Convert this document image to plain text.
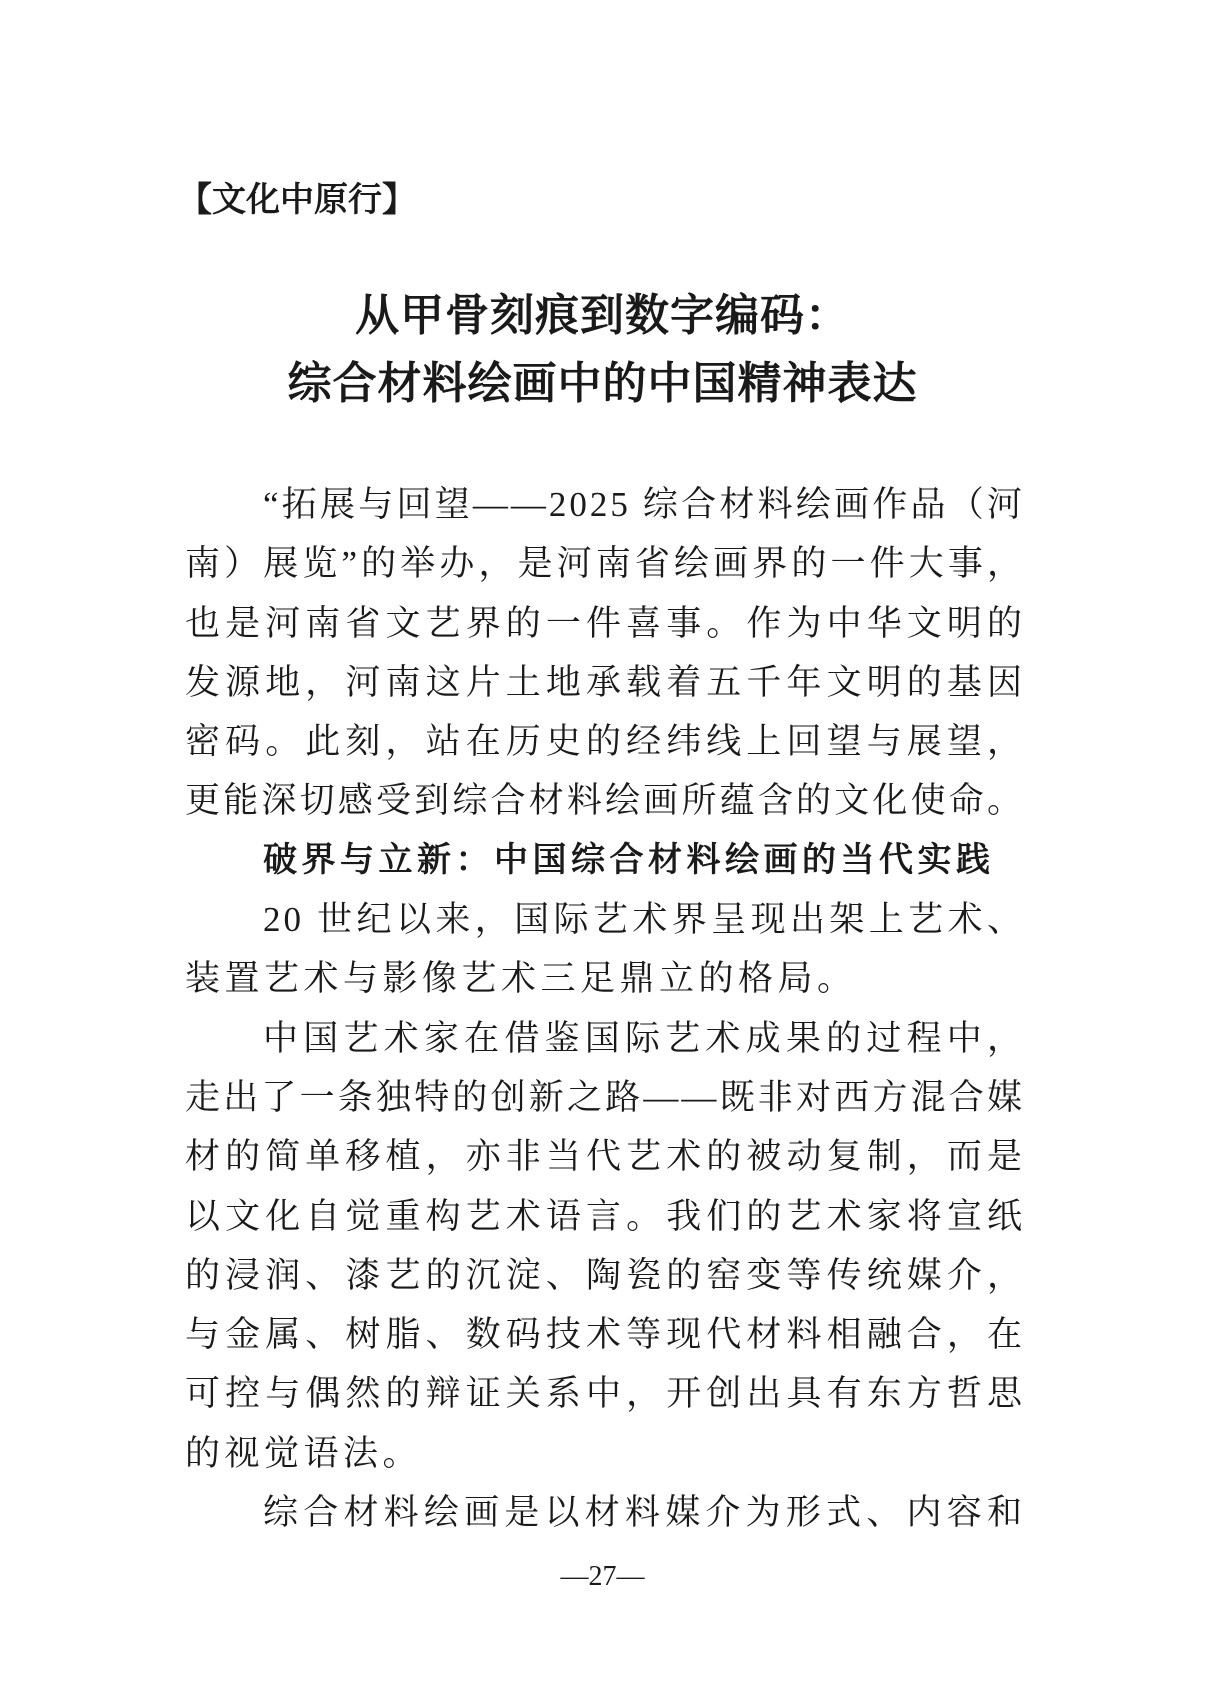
【文化中原行】
从甲骨刻痕到数字编码：
综合材料绘画中的中国精神表达
“拓展与回望——2025 综合材料绘画作品（河
南）展览”的举办，是河南省绘画界的一件大事，
也是河南省文艺界的一件喜事。作为中华文明的
发源地，河南这片土地承载着五千年文明的基因
密码。此刻，站在历史的经纬线上回望与展望，
更能深切感受到综合材料绘画所蕴含的文化使命。
破界与立新：中国综合材料绘画的当代实践
20 世纪以来，国际艺术界呈现出架上艺术、
装置艺术与影像艺术三足鼎立的格局。
中国艺术家在借鉴国际艺术成果的过程中，
走出了一条独特的创新之路——既非对西方混合媒
材的简单移植，亦非当代艺术的被动复制，而是
以文化自觉重构艺术语言。我们的艺术家将宣纸
的浸润、漆艺的沉淀、陶瓷的窑变等传统媒介，
与金属、树脂、数码技术等现代材料相融合，在
可控与偶然的辩证关系中，开创出具有东方哲思
的视觉语法。
综合材料绘画是以材料媒介为形式、内容和
—27—
